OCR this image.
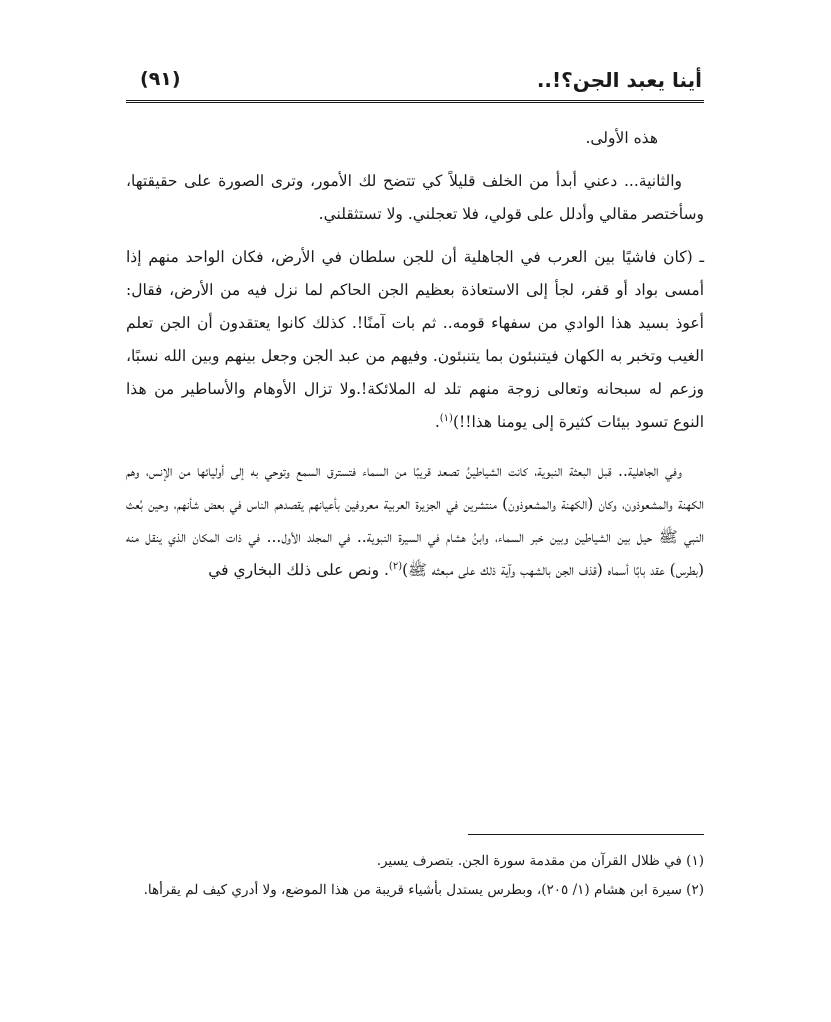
أينا يعبد الجن؟!..
(٩١)

هذه الأولى.

والثانية... دعني أبدأ من الخلف قليلاً كي تتضح لك الأمور، وترى الصورة على حقيقتها، وسأختصر مقالي وأدلل على قولي، فلا تعجلني. ولا تستثقلني.

ـ (كان فاشيًا بين العرب في الجاهلية أن للجن سلطان في الأرض، فكان الواحد منهم إذا أمسى بواد أو قفر، لجأ إلى الاستعاذة بعظيم الجن الحاكم لما نزل فيه من الأرض، فقال: أعوذ بسيد هذا الوادي من سفهاء قومه.. ثم بات آمنًا!. كذلك كانوا يعتقدون أن الجن تعلم الغيب وتخبر به الكهان فيتنبئون بما يتنبئون. وفيهم من عبد الجن وجعل بينهم وبين الله نسبًا، وزعم له سبحانه وتعالى زوجة منهم تلد له الملائكة!.ولا تزال الأوهام والأساطير من هذا النوع تسود بيئات كثيرة إلى يومنا هذا!!)$^{(١)}$.

وفي الجاهلية.. قبل البعثة النبوية، كانت الشياطينُ تصعد قريبًا من السماء فتسترق السمع وتوحي به إلى أوليائها من الإنس، وهم الكهنة والمشعوذون، وكان (الكهنة والمشعوذون) منتشرين في الجزيرة العربية معروفين بأعيانهم يقصدهم الناس في بعض شأنهم، وحين بُعث النبي ﷺ حيل بين الشياطين وبين خبر السماء، وابنُ هشام في السيرة النبوية.. في المجلد الأول... في ذات المكان الذي ينقل منه (بطرس) عقد بابًا أسماه (قذف الجن بالشهب وآية ذلك على مبعثه ﷺ)$^{(٢)}$. ونص على ذلك البخاري في

(١) في ظلال القرآن من مقدمة سورة الجن. بتصرف يسير.
(٢) سيرة ابن هشام (١/ ٢٠٥)، وبطرس يستدل بأشياء قريبة من هذا الموضع، ولا أدري كيف لم يقرأها.
